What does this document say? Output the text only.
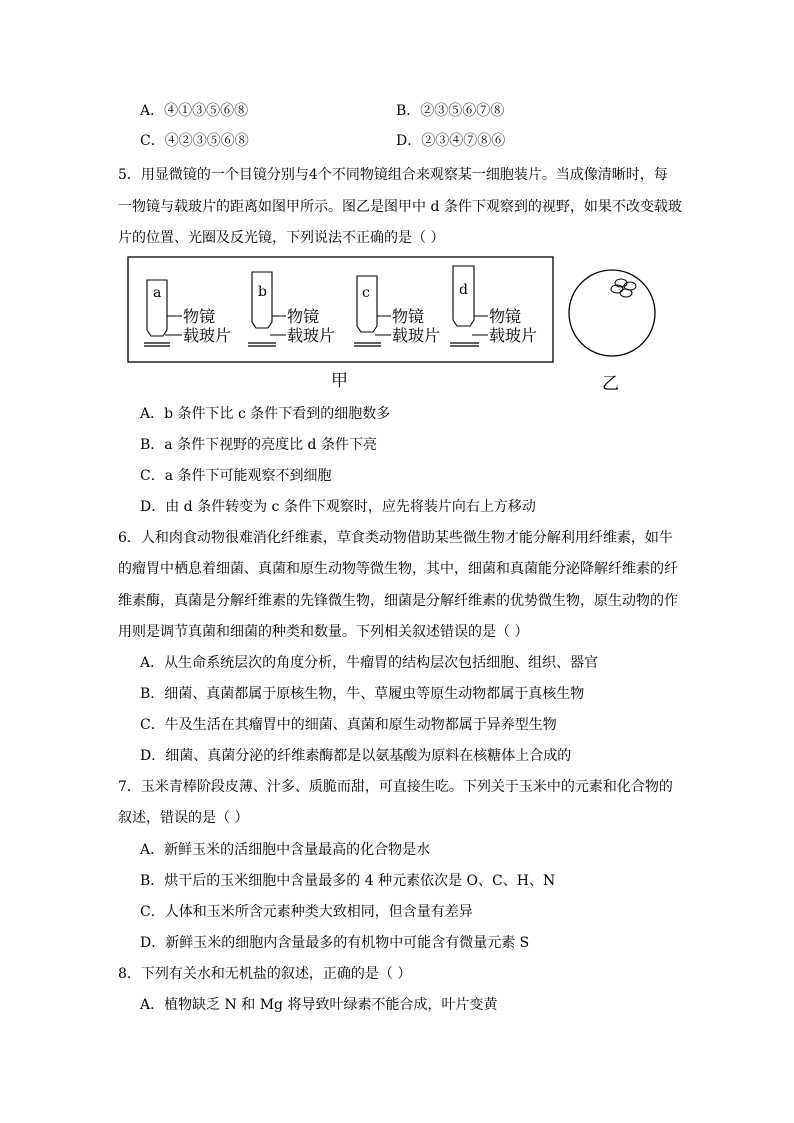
A．④①③⑤⑥⑧	B．②③⑤⑥⑦⑧
C．④②③⑤⑥⑧	D．②③④⑦⑧⑥
5．用显微镜的一个目镜分别与4个不同物镜组合来观察某一细胞装片。当成像清晰时，每
一物镜与载玻片的距离如图甲所示。图乙是图甲中 d 条件下观察到的视野，如果不改变载玻
片的位置、光圈及反光镜，下列说法不正确的是（ ）
a
物镜
载玻片
b
物镜
载玻片
c
物镜
载玻片
d
物镜
载玻片
甲	乙
A．b 条件下比 c 条件下看到的细胞数多
B．a 条件下视野的亮度比 d 条件下亮
C．a 条件下可能观察不到细胞
D．由 d 条件转变为 c 条件下观察时，应先将装片向右上方移动
6．人和肉食动物很难消化纤维素，草食类动物借助某些微生物才能分解利用纤维素，如牛
的瘤胃中栖息着细菌、真菌和原生动物等微生物，其中，细菌和真菌能分泌降解纤维素的纤
维素酶，真菌是分解纤维素的先锋微生物，细菌是分解纤维素的优势微生物，原生动物的作
用则是调节真菌和细菌的种类和数量。下列相关叙述错误的是（ ）
A．从生命系统层次的角度分析，牛瘤胃的结构层次包括细胞、组织、器官
B．细菌、真菌都属于原核生物，牛、草履虫等原生动物都属于真核生物
C．牛及生活在其瘤胃中的细菌、真菌和原生动物都属于异养型生物
D．细菌、真菌分泌的纤维素酶都是以氨基酸为原料在核糖体上合成的
7．玉米青棒阶段皮薄、汁多、质脆而甜，可直接生吃。下列关于玉米中的元素和化合物的
叙述，错误的是（ ）
A．新鲜玉米的活细胞中含量最高的化合物是水
B．烘干后的玉米细胞中含量最多的 4 种元素依次是 O、C、H、N
C．人体和玉米所含元素种类大致相同，但含量有差异
D．新鲜玉米的细胞内含量最多的有机物中可能含有微量元素 S
8．下列有关水和无机盐的叙述，正确的是（ ）
A．植物缺乏 N 和 Mg 将导致叶绿素不能合成，叶片变黄
